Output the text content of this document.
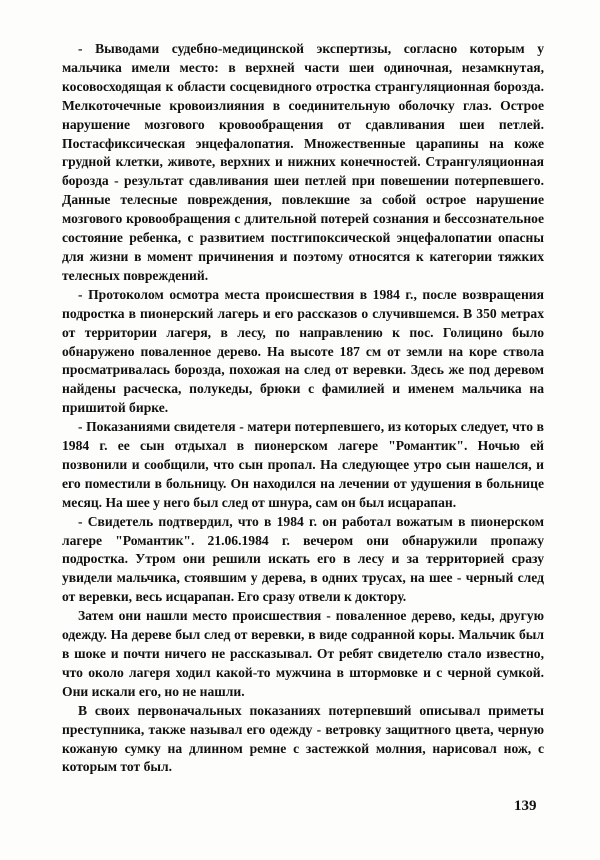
- Выводами судебно-медицинской экспертизы, согласно которым у мальчика имели место: в верхней части шеи одиночная, незамкнутая, косовосходящая к области сосцевидного отростка странгуляционная борозда. Мелкоточечные кровоизлияния в соединительную оболочку глаз. Острое нарушение мозгового кровообращения от сдавливания шеи петлей. Постасфиксическая энцефалопатия. Множественные царапины на коже грудной клетки, животе, верхних и нижних конечностей. Странгуляционная борозда - результат сдавливания шеи петлей при повешении потерпевшего. Данные телесные повреждения, повлекшие за собой острое нарушение мозгового кровообращения с длительной потерей сознания и бессознательное состояние ребенка, с развитием постгипоксической энцефалопатии опасны для жизни в момент причинения и поэтому относятся к категории тяжких телесных повреждений.

- Протоколом осмотра места происшествия в 1984 г., после возвращения подростка в пионерский лагерь и его рассказов о случившемся. В 350 метрах от территории лагеря, в лесу, по направлению к пос. Голицино было обнаружено поваленное дерево. На высоте 187 см от земли на коре ствола просматривалась борозда, похожая на след от веревки. Здесь же под деревом найдены расческа, полукеды, брюки с фамилией и именем мальчика на пришитой бирке.

- Показаниями свидетеля - матери потерпевшего, из которых следует, что в 1984 г. ее сын отдыхал в пионерском лагере "Романтик". Ночью ей позвонили и сообщили, что сын пропал. На следующее утро сын нашелся, и его поместили в больницу. Он находился на лечении от удушения в больнице месяц. На шее у него был след от шнура, сам он был исцарапан.

- Свидетель подтвердил, что в 1984 г. он работал вожатым в пионерском лагере "Романтик". 21.06.1984 г. вечером они обнаружили пропажу подростка. Утром они решили искать его в лесу и за территорией сразу увидели мальчика, стоявшим у дерева, в одних трусах, на шее - черный след от веревки, весь исцарапан. Его сразу отвели к доктору.

Затем они нашли место происшествия - поваленное дерево, кеды, другую одежду. На дереве был след от веревки, в виде содранной коры. Мальчик был в шоке и почти ничего не рассказывал. От ребят свидетелю стало известно, что около лагеря ходил какой-то мужчина в штормовке и с черной сумкой. Они искали его, но не нашли.

В своих первоначальных показаниях потерпевший описывал приметы преступника, также называл его одежду - ветровку защитного цвета, черную кожаную сумку на длинном ремне с застежкой молния, нарисовал нож, с которым тот был.

139
